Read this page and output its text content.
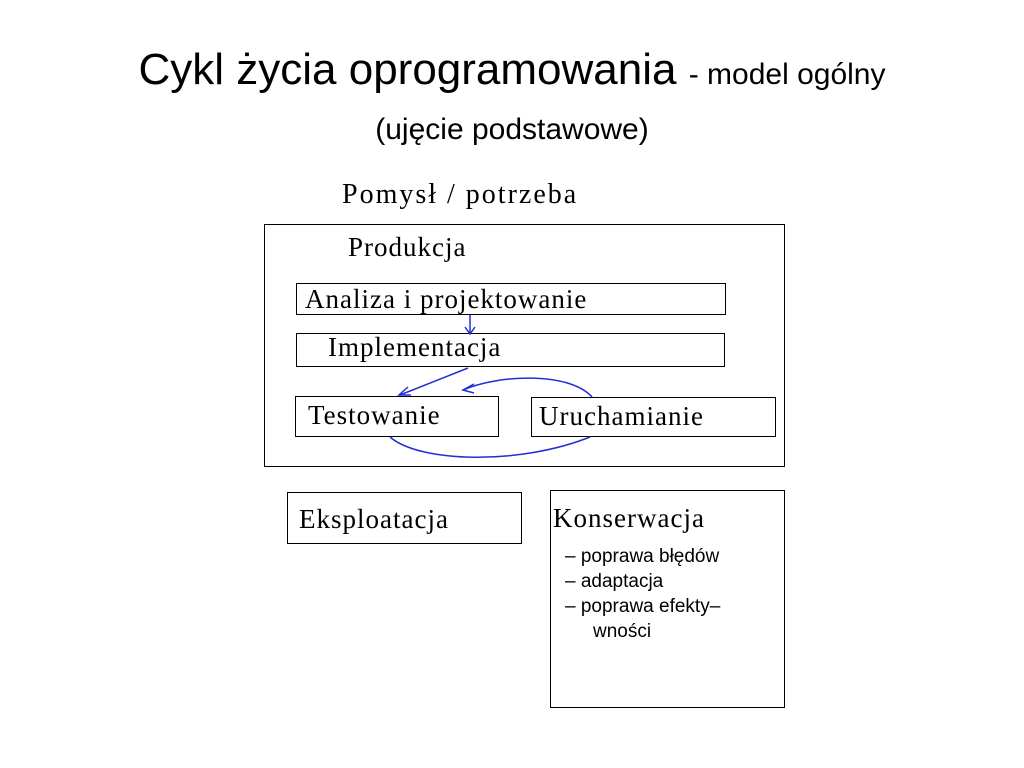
Cykl życia oprogramowania - model ogólny
(ujęcie podstawowe)
Pomysł / potrzeba
Produkcja
Analiza i projektowanie
Implementacja
Testowanie	Uruchamianie
Eksploatacja	Konserwacja
– poprawa błędów
– adaptacja
– poprawa efekty–
wności
